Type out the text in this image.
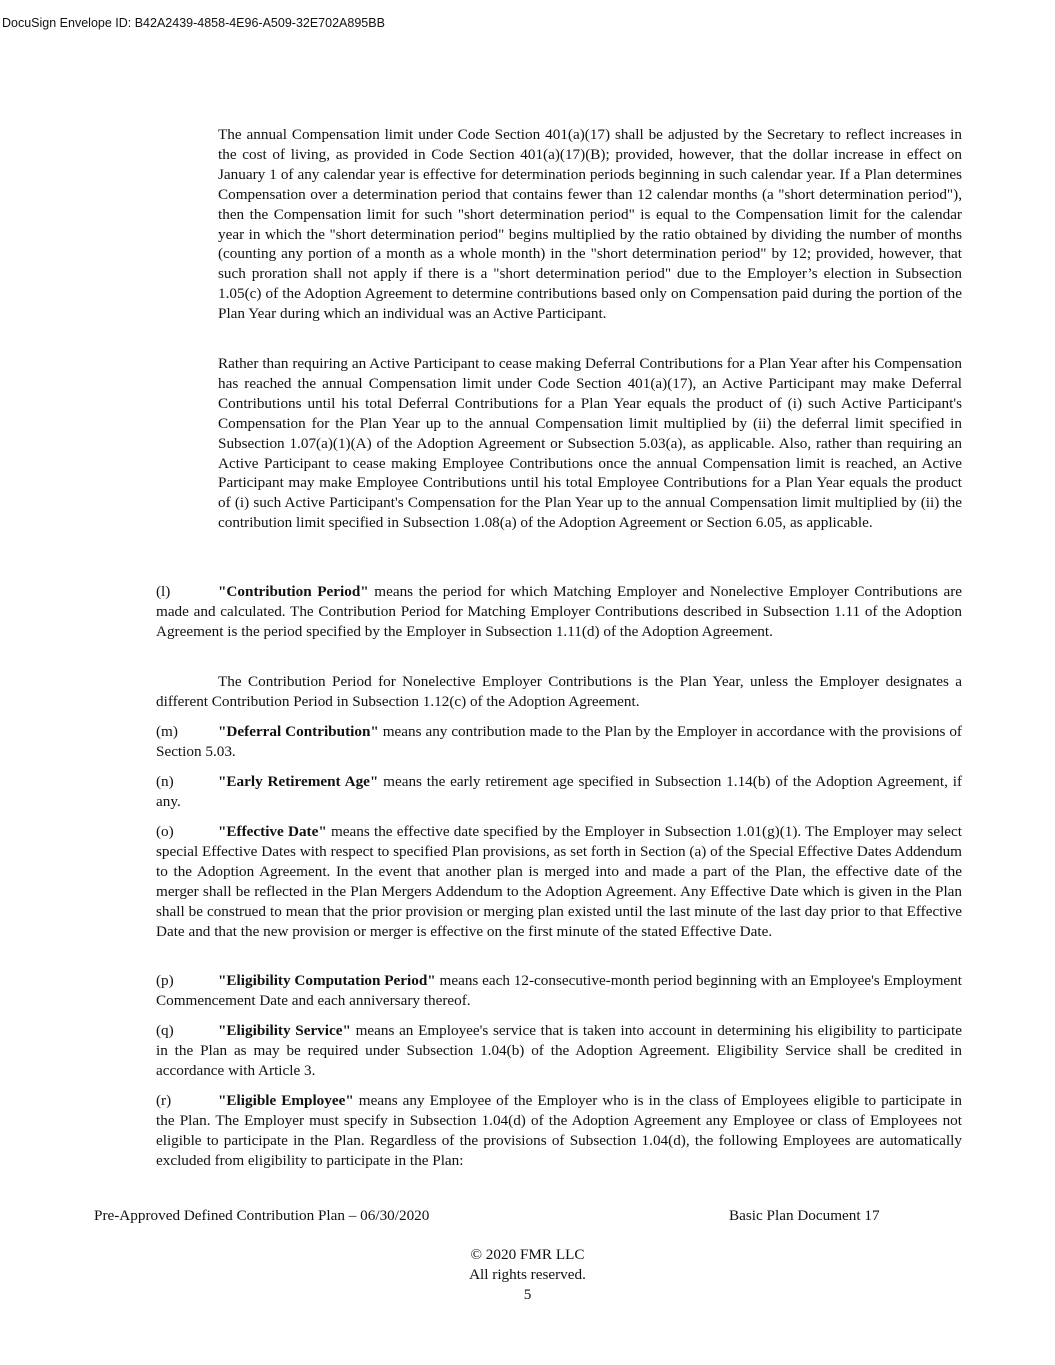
DocuSign Envelope ID: B42A2439-4858-4E96-A509-32E702A895BB

The annual Compensation limit under Code Section 401(a)(17) shall be adjusted by the Secretary to reflect increases in the cost of living, as provided in Code Section 401(a)(17)(B); provided, however, that the dollar increase in effect on January 1 of any calendar year is effective for determination periods beginning in such calendar year. If a Plan determines Compensation over a determination period that contains fewer than 12 calendar months (a "short determination period"), then the Compensation limit for such "short determination period" is equal to the Compensation limit for the calendar year in which the "short determination period" begins multiplied by the ratio obtained by dividing the number of months (counting any portion of a month as a whole month) in the "short determination period" by 12; provided, however, that such proration shall not apply if there is a "short determination period" due to the Employer’s election in Subsection 1.05(c) of the Adoption Agreement to determine contributions based only on Compensation paid during the portion of the Plan Year during which an individual was an Active Participant.

Rather than requiring an Active Participant to cease making Deferral Contributions for a Plan Year after his Compensation has reached the annual Compensation limit under Code Section 401(a)(17), an Active Participant may make Deferral Contributions until his total Deferral Contributions for a Plan Year equals the product of (i) such Active Participant's Compensation for the Plan Year up to the annual Compensation limit multiplied by (ii) the deferral limit specified in Subsection 1.07(a)(1)(A) of the Adoption Agreement or Subsection 5.03(a), as applicable. Also, rather than requiring an Active Participant to cease making Employee Contributions once the annual Compensation limit is reached, an Active Participant may make Employee Contributions until his total Employee Contributions for a Plan Year equals the product of (i) such Active Participant's Compensation for the Plan Year up to the annual Compensation limit multiplied by (ii) the contribution limit specified in Subsection 1.08(a) of the Adoption Agreement or Section 6.05, as applicable.

(l)	"Contribution Period" means the period for which Matching Employer and Nonelective Employer Contributions are made and calculated. The Contribution Period for Matching Employer Contributions described in Subsection 1.11 of the Adoption Agreement is the period specified by the Employer in Subsection 1.11(d) of the Adoption Agreement.

The Contribution Period for Nonelective Employer Contributions is the Plan Year, unless the Employer designates a different Contribution Period in Subsection 1.12(c) of the Adoption Agreement.

(m)	"Deferral Contribution" means any contribution made to the Plan by the Employer in accordance with the provisions of Section 5.03.

(n)	"Early Retirement Age" means the early retirement age specified in Subsection 1.14(b) of the Adoption Agreement, if any.

(o)	"Effective Date" means the effective date specified by the Employer in Subsection 1.01(g)(1). The Employer may select special Effective Dates with respect to specified Plan provisions, as set forth in Section (a) of the Special Effective Dates Addendum to the Adoption Agreement. In the event that another plan is merged into and made a part of the Plan, the effective date of the merger shall be reflected in the Plan Mergers Addendum to the Adoption Agreement. Any Effective Date which is given in the Plan shall be construed to mean that the prior provision or merging plan existed until the last minute of the last day prior to that Effective Date and that the new provision or merger is effective on the first minute of the stated Effective Date.

(p)	"Eligibility Computation Period" means each 12-consecutive-month period beginning with an Employee's Employment Commencement Date and each anniversary thereof.

(q)	"Eligibility Service" means an Employee's service that is taken into account in determining his eligibility to participate in the Plan as may be required under Subsection 1.04(b) of the Adoption Agreement. Eligibility Service shall be credited in accordance with Article 3.

(r)	"Eligible Employee" means any Employee of the Employer who is in the class of Employees eligible to participate in the Plan. The Employer must specify in Subsection 1.04(d) of the Adoption Agreement any Employee or class of Employees not eligible to participate in the Plan. Regardless of the provisions of Subsection 1.04(d), the following Employees are automatically excluded from eligibility to participate in the Plan:

Pre-Approved Defined Contribution Plan – 06/30/2020	Basic Plan Document 17
© 2020 FMR LLC
All rights reserved.
5
